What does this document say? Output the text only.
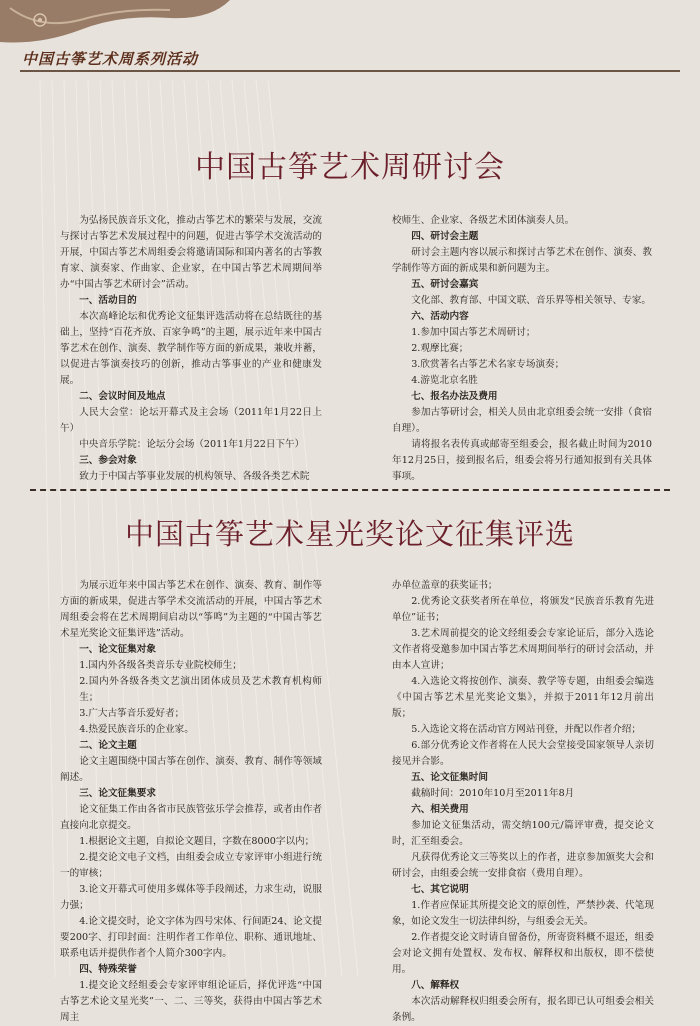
中国古筝艺术周系列活动
中国古筝艺术周研讨会

为弘扬民族音乐文化，推动古筝艺术的繁荣与发展，交流与探讨古筝艺术发展过程中的问题，促进古筝学术交流活动的开展，中国古筝艺术周组委会将邀请国际和国内著名的古筝教育家、演奏家、作曲家、企业家，在中国古筝艺术周期间举办“中国古筝艺术研讨会”活动。

一、活动目的

本次高峰论坛和优秀论文征集评选活动将在总结既往的基础上，坚持“百花齐放、百家争鸣”的主题，展示近年来中国古筝艺术在创作、演奏、教学制作等方面的新成果，兼收并蓄，以促进古筝演奏技巧的创新，推动古筝事业的产业和健康发展。

二、会议时间及地点

人民大会堂：论坛开幕式及主会场（2011年1月22日上午）

中央音乐学院：论坛分会场（2011年1月22日下午）

三、参会对象

致力于中国古筝事业发展的机构领导、各级各类艺术院

校师生、企业家、各级艺术团体演奏人员。

四、研讨会主题

研讨会主题内容以展示和探讨古筝艺术在创作、演奏、教学制作等方面的新成果和新问题为主。

五、研讨会嘉宾

文化部、教育部、中国文联、音乐界等相关领导、专家。

六、活动内容

1.参加中国古筝艺术周研讨；

2.观摩比赛；

3.欣赏著名古筝艺术名家专场演奏；

4.游览北京名胜

七、报名办法及费用

参加古筝研讨会，相关人员由北京组委会统一安排（食宿自理）。

请将报名表传真或邮寄至组委会，报名截止时间为2010年12月25日，接到报名后，组委会将另行通知报到有关具体事项。

中国古筝艺术星光奖论文征集评选

为展示近年来中国古筝艺术在创作、演奏、教育、制作等方面的新成果，促进古筝学术交流活动的开展，中国古筝艺术周组委会将在艺术周期间启动以“筝鸣”为主题的“中国古筝艺术星光奖论文征集评选”活动。

一、论文征集对象

1.国内外各级各类音乐专业院校师生；

2.国内外各级各类文艺演出团体成员及艺术教育机构师生；

3.广大古筝音乐爱好者；

4.热爱民族音乐的企业家。

二、论文主题

论文主题围绕中国古筝在创作、演奏、教育、制作等领域阐述。

三、论文征集要求

论文征集工作由各省市民族管弦乐学会推荐，或者由作者直接向北京提交。

1.根据论文主题，自拟论文题目，字数在8000字以内；

2.提交论文电子文档，由组委会成立专家评审小组进行统一的审核；

3.论文开幕式可使用多媒体等手段阐述，力求生动，说服力强；

4.论文提交时，论文字体为四号宋体、行间距24、论文提要200字、打印封面：注明作者工作单位、职称、通讯地址、联系电话并提供作者个人简介300字内。

四、特殊荣誉

1.提交论文经组委会专家评审组论证后，择优评选“中国古筝艺术论文星光奖”一、二、三等奖，获得由中国古筝艺术周主

办单位盖章的获奖证书；

2.优秀论文获奖者所在单位，将颁发“民族音乐教育先进单位”证书；

3.艺术周前提交的论文经组委会专家论证后，部分入选论文作者将受邀参加中国古筝艺术周期间举行的研讨会活动，并由本人宣讲；

4.入选论文将按创作、演奏、教学等专题，由组委会编选《中国古筝艺术星光奖论文集》，并拟于2011年12月前出版；

5.入选论文将在活动官方网站刊登，并配以作者介绍；

6.部分优秀论文作者将在人民大会堂接受国家领导人亲切接见并合影。

五、论文征集时间

截稿时间：2010年10月至2011年8月

六、相关费用

参加论文征集活动，需交纳100元/篇评审费，提交论文时，汇至组委会。

凡获得优秀论文三等奖以上的作者，进京参加颁奖大会和研讨会，由组委会统一安排食宿（费用自理）。

七、其它说明

1.作者应保证其所提交论文的原创性，严禁抄袭、代笔现象，如论文发生一切法律纠纷，与组委会无关。

2.作者提交论文时请自留备份，所寄资料概不退还，组委会对论文拥有处置权、发布权、解释权和出版权，即不偿使用。

八、解释权

本次活动解释权归组委会所有，报名即已认可组委会相关条例。
